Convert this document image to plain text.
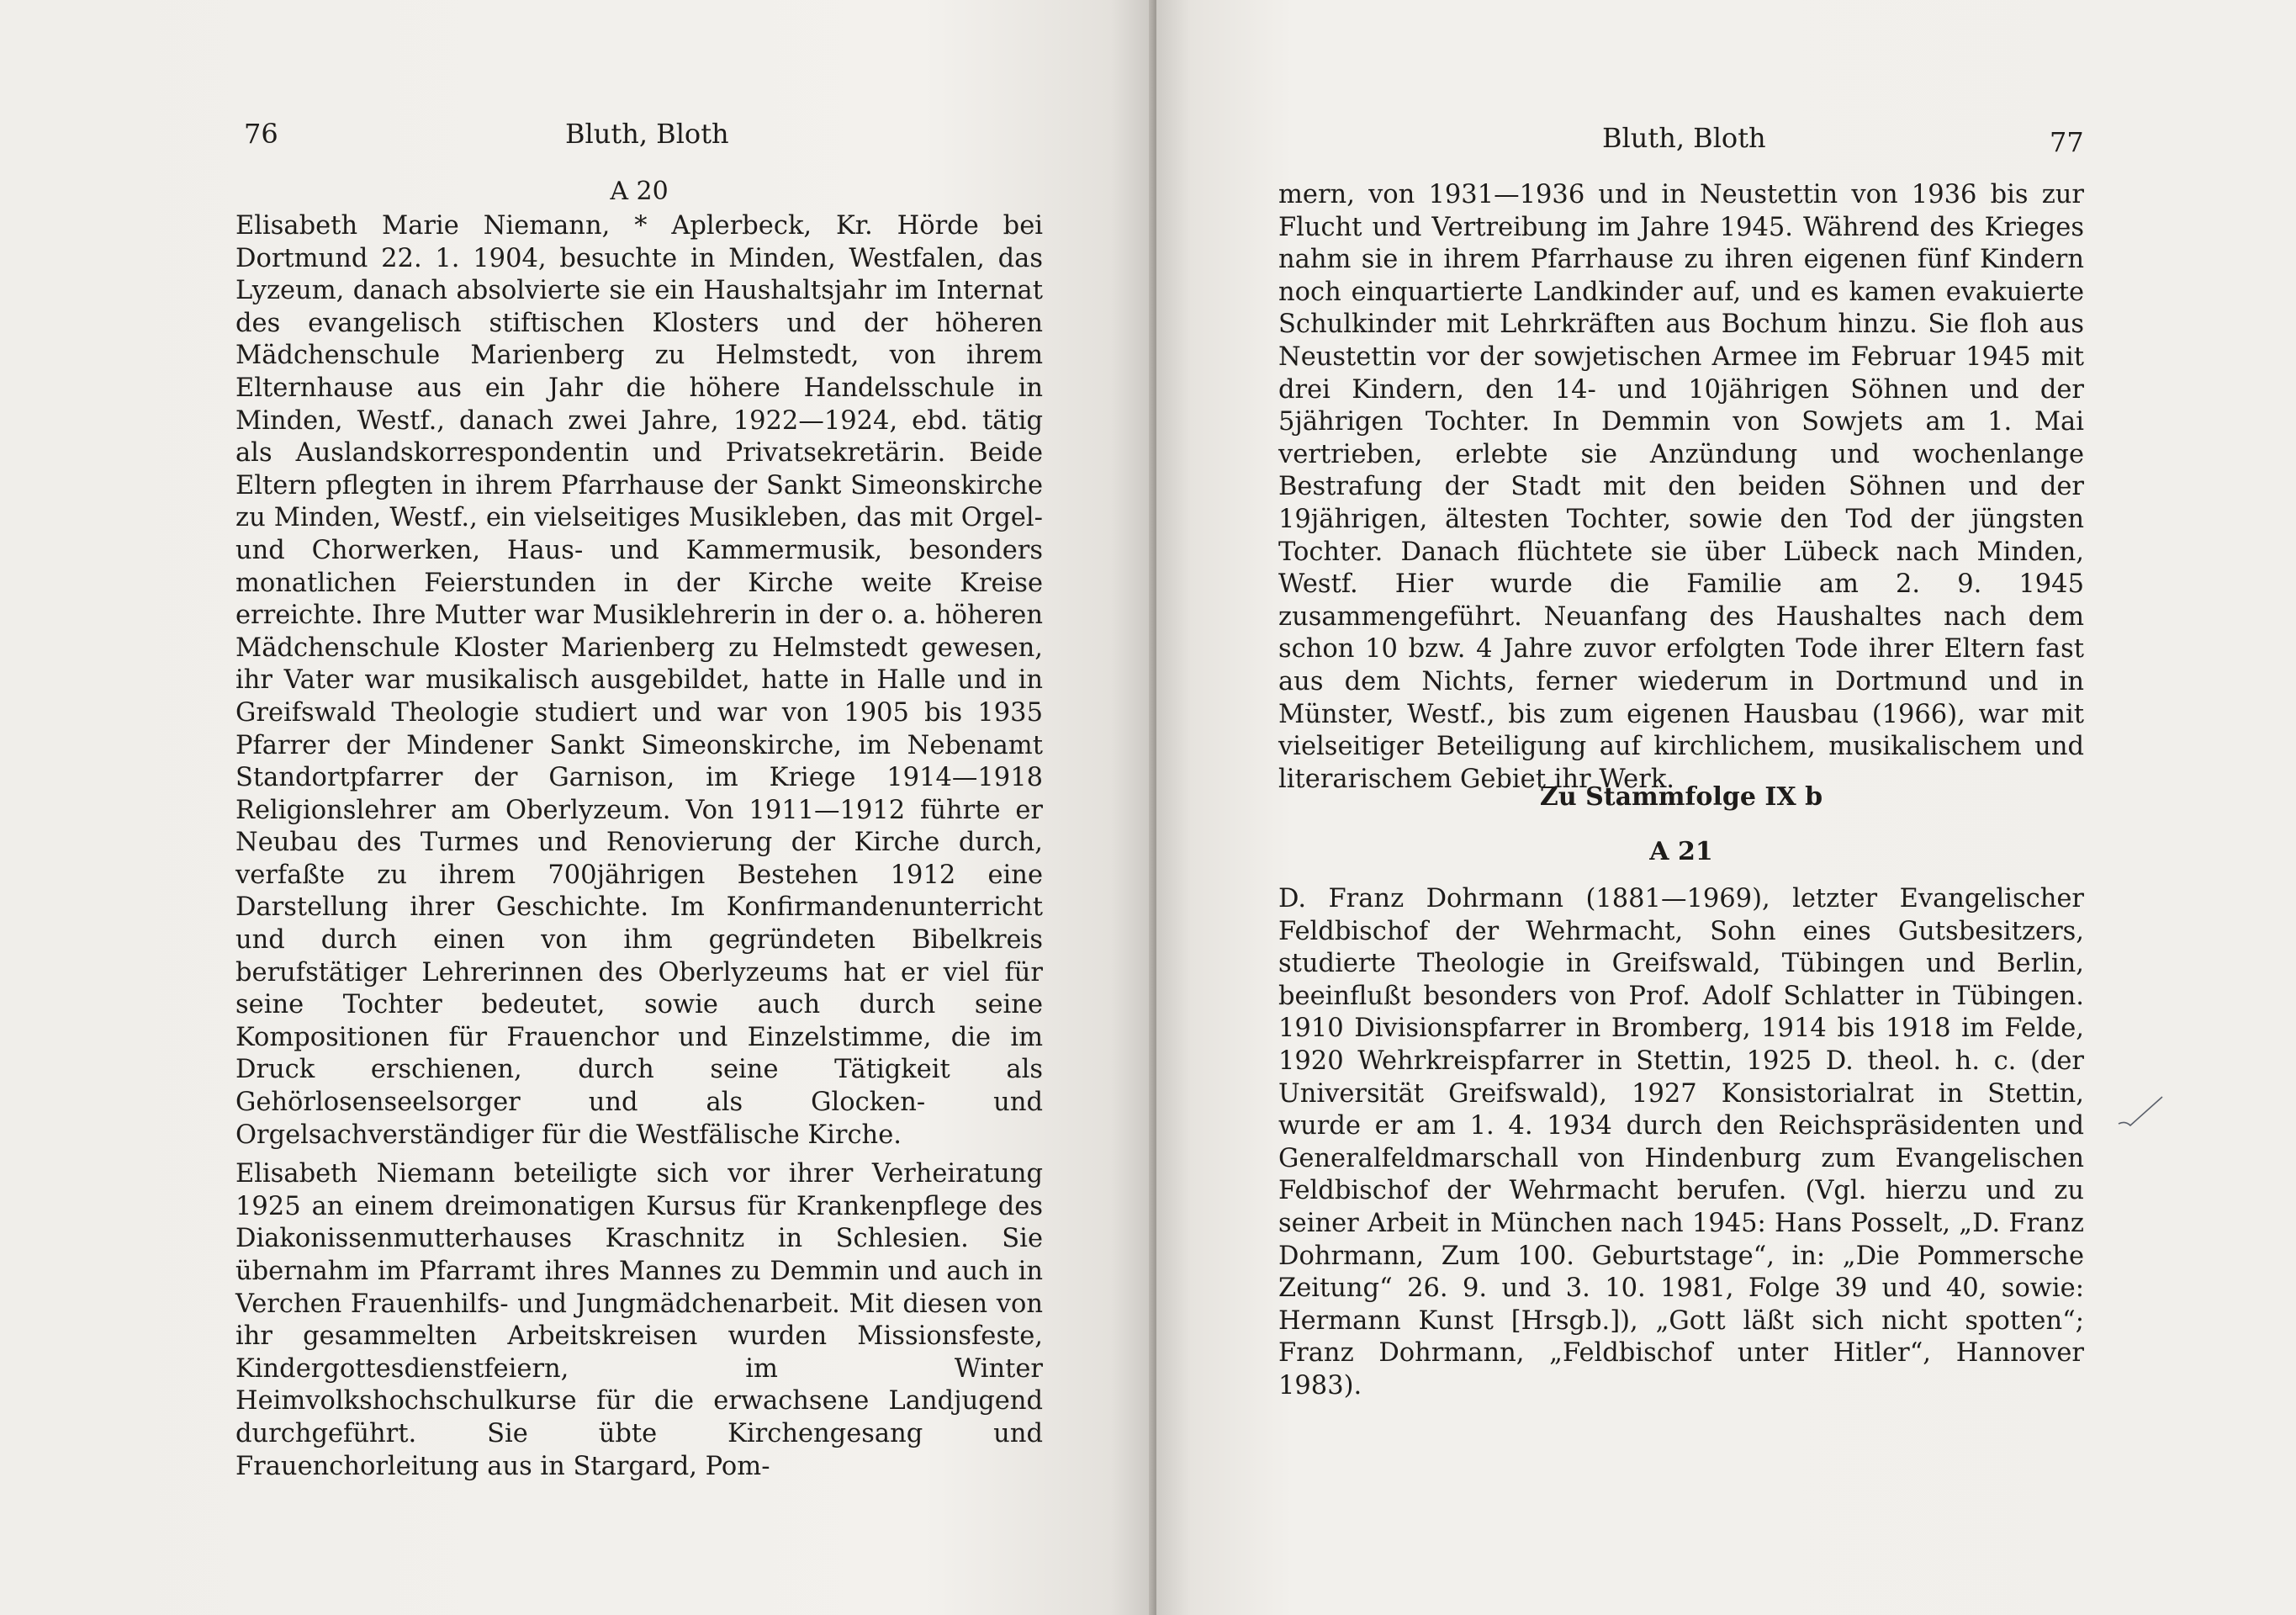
76	Bluth, Bloth
A 20

Elisabeth Marie Niemann, * Aplerbeck, Kr. Hörde bei Dortmund 22. 1. 1904, besuchte in Minden, Westfalen, das Lyzeum, danach absolvierte sie ein Haushaltsjahr im Internat des evangelisch stiftischen Klosters und der höheren Mädchenschule Marienberg zu Helmstedt, von ihrem Elternhause aus ein Jahr die höhere Handelsschule in Minden, Westf., danach zwei Jahre, 1922—1924, ebd. tätig als Auslandskorrespondentin und Privatsekretärin. Beide Eltern pflegten in ihrem Pfarrhause der Sankt Simeonskirche zu Minden, Westf., ein vielseitiges Musikleben, das mit Orgel- und Chorwerken, Haus- und Kammermusik, besonders monatlichen Feierstunden in der Kirche weite Kreise erreichte. Ihre Mutter war Musiklehrerin in der o. a. höheren Mädchenschule Kloster Marienberg zu Helmstedt gewesen, ihr Vater war musikalisch ausgebildet, hatte in Halle und in Greifswald Theologie studiert und war von 1905 bis 1935 Pfarrer der Mindener Sankt Simeonskirche, im Nebenamt Standortpfarrer der Garnison, im Kriege 1914—1918 Religionslehrer am Oberlyzeum. Von 1911—1912 führte er Neubau des Turmes und Renovierung der Kirche durch, verfaßte zu ihrem 700jährigen Bestehen 1912 eine Darstellung ihrer Geschichte. Im Konfirmandenunterricht und durch einen von ihm gegründeten Bibelkreis berufstätiger Lehrerinnen des Oberlyzeums hat er viel für seine Tochter bedeutet, sowie auch durch seine Kompositionen für Frauenchor und Einzelstimme, die im Druck erschienen, durch seine Tätigkeit als Gehörlosenseelsorger und als Glocken- und Orgelsachverständiger für die Westfälische Kirche.

Elisabeth Niemann beteiligte sich vor ihrer Verheiratung 1925 an einem dreimonatigen Kursus für Krankenpflege des Diakonissenmutterhauses Kraschnitz in Schlesien. Sie übernahm im Pfarramt ihres Mannes zu Demmin und auch in Verchen Frauenhilfs- und Jungmädchenarbeit. Mit diesen von ihr gesammelten Arbeitskreisen wurden Missionsfeste, Kindergottesdienstfeiern, im Winter Heimvolkshochschulkurse für die erwachsene Landjugend durchgeführt. Sie übte Kirchengesang und Frauenchorleitung aus in Stargard, Pom-

Bluth, Bloth	77

mern, von 1931—1936 und in Neustettin von 1936 bis zur Flucht und Vertreibung im Jahre 1945. Während des Krieges nahm sie in ihrem Pfarrhause zu ihren eigenen fünf Kindern noch einquartierte Landkinder auf, und es kamen evakuierte Schulkinder mit Lehrkräften aus Bochum hinzu. Sie floh aus Neustettin vor der sowjetischen Armee im Februar 1945 mit drei Kindern, den 14- und 10jährigen Söhnen und der 5jährigen Tochter. In Demmin von Sowjets am 1. Mai vertrieben, erlebte sie Anzündung und wochenlange Bestrafung der Stadt mit den beiden Söhnen und der 19jährigen, ältesten Tochter, sowie den Tod der jüngsten Tochter. Danach flüchtete sie über Lübeck nach Minden, Westf. Hier wurde die Familie am 2. 9. 1945 zusammengeführt. Neuanfang des Haushaltes nach dem schon 10 bzw. 4 Jahre zuvor erfolgten Tode ihrer Eltern fast aus dem Nichts, ferner wiederum in Dortmund und in Münster, Westf., bis zum eigenen Hausbau (1966), war mit vielseitiger Beteiligung auf kirchlichem, musikalischem und literarischem Gebiet ihr Werk.

Zu Stammfolge IX b
A 21

D. Franz Dohrmann (1881—1969), letzter Evangelischer Feldbischof der Wehrmacht, Sohn eines Gutsbesitzers, studierte Theologie in Greifswald, Tübingen und Berlin, beeinflußt besonders von Prof. Adolf Schlatter in Tübingen. 1910 Divisionspfarrer in Bromberg, 1914 bis 1918 im Felde, 1920 Wehrkreispfarrer in Stettin, 1925 D. theol. h. c. (der Universität Greifswald), 1927 Konsistorialrat in Stettin, wurde er am 1. 4. 1934 durch den Reichspräsidenten und Generalfeldmarschall von Hindenburg zum Evangelischen Feldbischof der Wehrmacht berufen. (Vgl. hierzu und zu seiner Arbeit in München nach 1945: Hans Posselt, „D. Franz Dohrmann, Zum 100. Geburtstage“, in: „Die Pommersche Zeitung“ 26. 9. und 3. 10. 1981, Folge 39 und 40, sowie: Hermann Kunst [Hrsgb.]), „Gott läßt sich nicht spotten“; Franz Dohrmann, „Feldbischof unter Hitler“, Hannover 1983).
